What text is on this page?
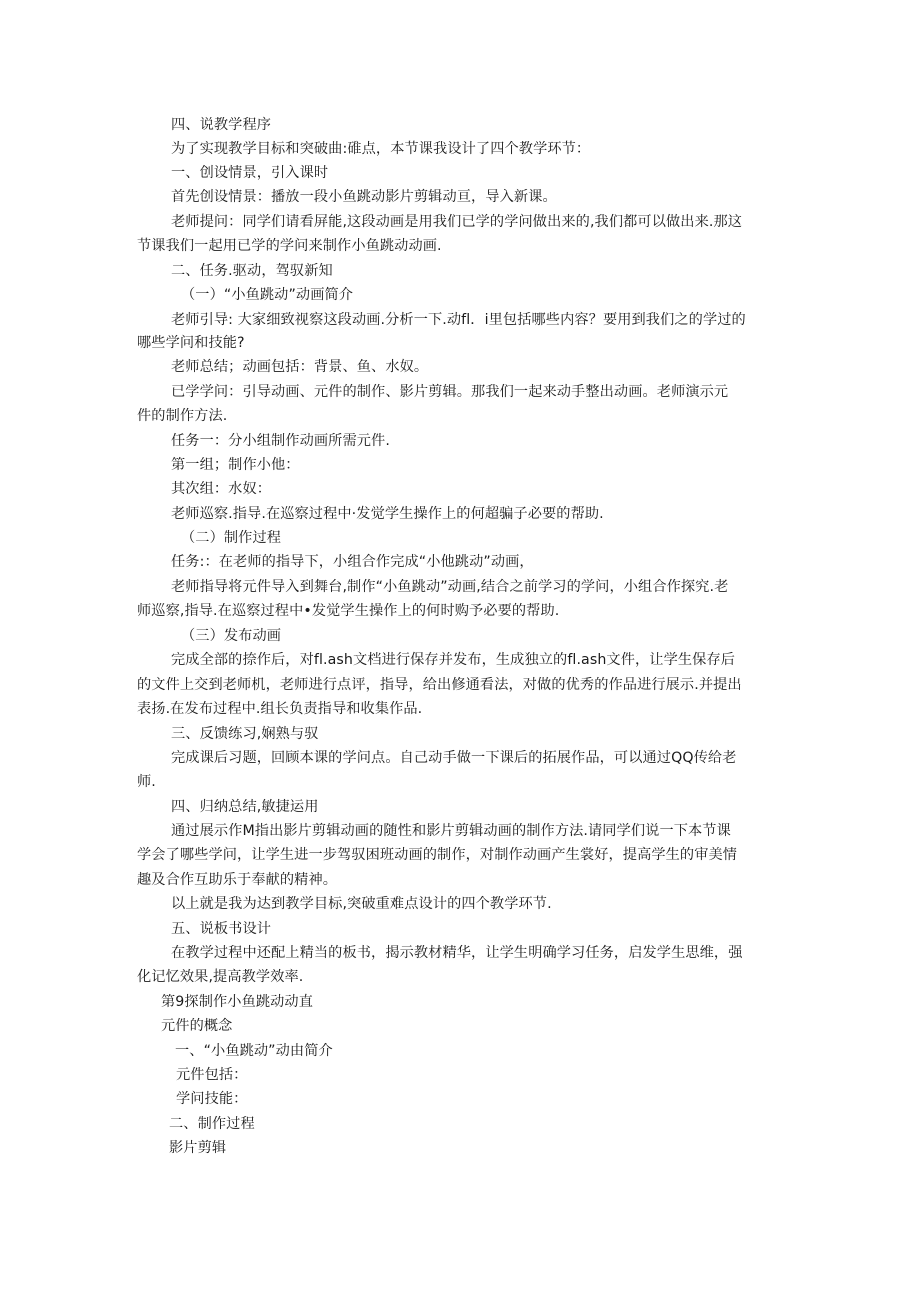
四、说教学程序
为了实现教学目标和突破曲:碓点，本节课我设计了四个教学环节：
一、创设情景，引入课时
首先创设情景：播放一段小鱼跳动影片剪辑动亘，导入新课。
老师提问：同学们请看屏能,这段动画是用我们已学的学问做出来的,我们都可以做出来.那这
节课我们一起用已学的学问来制作小鱼跳动动画.
二、任务.驱动，驾驭新知
（一）“小鱼跳动”动画简介
老师引导: 大家细致视察这段动画.分析一下.动fl．i里包括哪些内容？要用到我们之的学过的
哪些学问和技能?
老师总结；动画包括：背景、鱼、水奴。
已学学问：引导动画、元件的制作、影片剪辑。那我们一起来动手整出动画。老师演示元
件的制作方法.
任务一：分小组制作动画所需元件.
第一组；制作小他：
其次组：水奴：
老师巡察.指导.在巡察过程中·发觉学生操作上的何超骗子必要的帮助.
（二）制作过程
任务:：在老师的指导下，小组合作完成“小他跳动”动画，
老师指导将元件导入到舞台,制作“小鱼跳动”动画,结合之前学习的学问，小组合作探究.老
师巡察,指导.在巡察过程中•发觉学生操作上的何时购予必要的帮助.
（三）发布动画
完成全部的捺作后，对fl.ash文档进行保存并发布，生成独立的fl.ash文件，让学生保存后
的文件上交到老师机，老师进行点评，指导，给出修通看法，对做的优秀的作品进行展示.并提出
表扬.在发布过程中.组长负责指导和收集作品.
三、反馈练习,娴熟与驭
完成课后习题，回顾本课的学问点。自己动手做一下课后的拓展作品，可以通过QQ传给老
师.
四、归纳总结,敏捷运用
通过展示作M指出影片剪辑动画的随性和影片剪辑动画的制作方法.请同学们说一下本节课
学会了哪些学问，让学生进一步驾驭困班动画的制作，对制作动画产生裳好，提高学生的审美情
趣及合作互助乐于奉献的精神。
以上就是我为达到教学目标,突破重难点设计的四个教学环节.
五、说板书设计
在教学过程中还配上精当的板书，揭示教材精华，让学生明确学习任务，启发学生思维，强
化记忆效果,提高教学效率.
第9探制作小鱼跳动动直
元件的概念
一、“小鱼跳动”动由简介
元件包括：
学问技能：
二、制作过程
影片剪辑
